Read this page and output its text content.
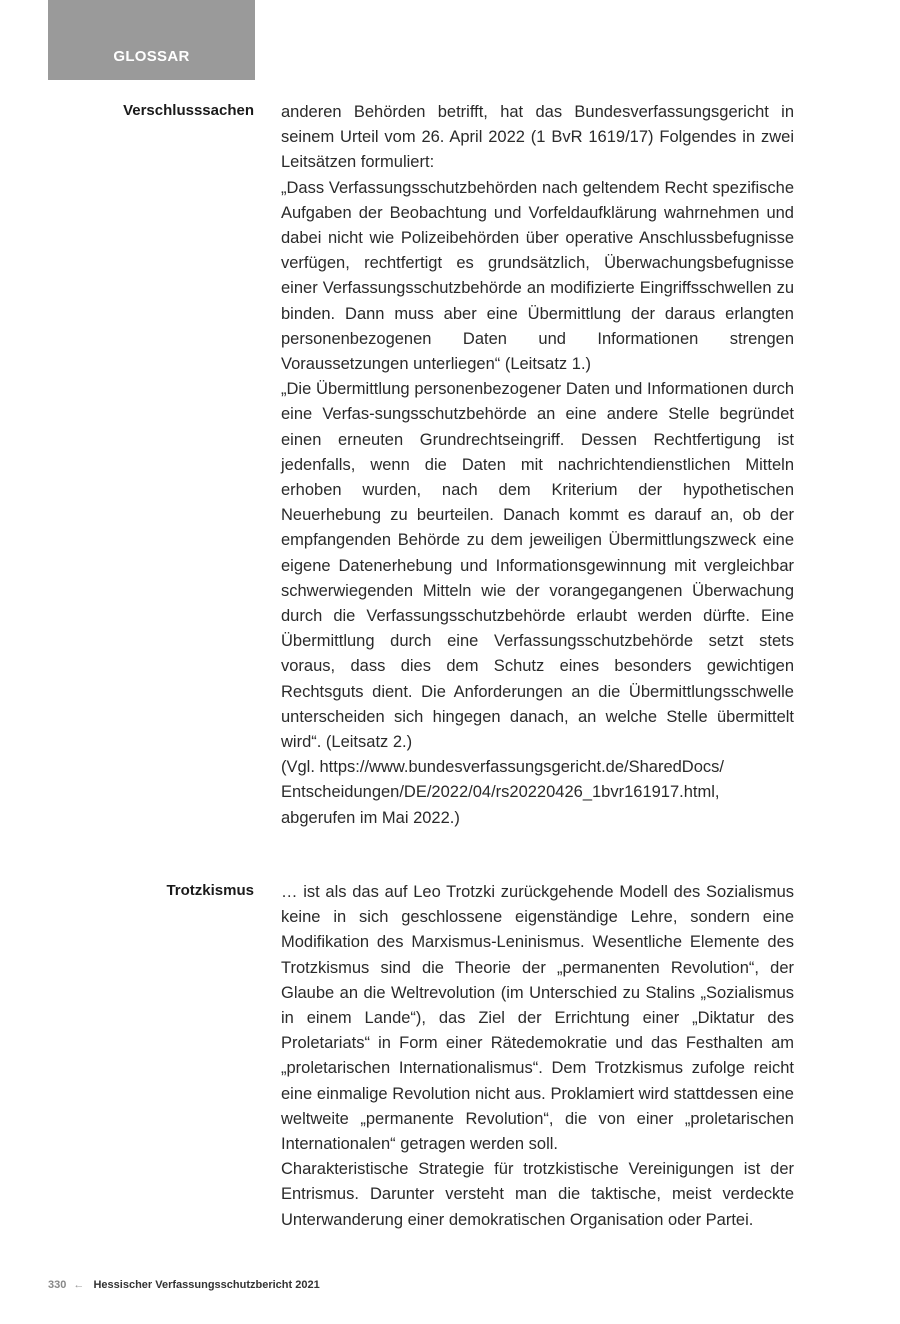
GLOSSAR
Verschlusssachen anderen Behörden betrifft, hat das Bundesverfassungsgericht in seinem Urteil vom 26. April 2022 (1 BvR 1619/17) Folgendes in zwei Leitsätzen formuliert:

„Dass Verfassungsschutzbehörden nach geltendem Recht spezifische Aufgaben der Beobachtung und Vorfeldaufklärung wahrnehmen und dabei nicht wie Polizeibehörden über operative Anschlussbefugnisse verfügen, rechtfertigt es grundsätzlich, Überwachungsbefugnisse einer Verfassungsschutzbehörde an modifizierte Eingriffsschwellen zu binden. Dann muss aber eine Übermittlung der daraus erlangten personenbezogenen Daten und Informationen strengen Voraussetzungen unterliegen“ (Leitsatz 1.)

„Die Übermittlung personenbezogener Daten und Informationen durch eine Verfas-sungsschutzbehörde an eine andere Stelle begründet einen erneuten Grundrechtseingriff. Dessen Rechtfertigung ist jedenfalls, wenn die Daten mit nachrichtendienstlichen Mitteln erhoben wurden, nach dem Kriterium der hypothetischen Neuerhebung zu beurteilen. Danach kommt es darauf an, ob der empfangenden Behörde zu dem jeweiligen Übermittlungszweck eine eigene Datenerhebung und Informationsgewinnung mit vergleichbar schwerwiegenden Mitteln wie der vorangegangenen Überwachung durch die Verfassungsschutzbehörde erlaubt werden dürfte. Eine Übermittlung durch eine Verfassungsschutzbehörde setzt stets voraus, dass dies dem Schutz eines besonders gewichtigen Rechtsguts dient. Die Anforderungen an die Übermittlungsschwelle unterscheiden sich hingegen danach, an welche Stelle übermittelt wird“. (Leitsatz 2.)

(Vgl. https://www.bundesverfassungsgericht.de/SharedDocs/ Entscheidungen/DE/2022/04/rs20220426_1bvr161917.html, abgerufen im Mai 2022.)

Trotzkismus … ist als das auf Leo Trotzki zurückgehende Modell des Sozialismus keine in sich geschlossene eigenständige Lehre, sondern eine Modifikation des Marxismus-Leninismus. Wesentliche Elemente des Trotzkismus sind die Theorie der „permanenten Revolution“, der Glaube an die Weltrevolution (im Unterschied zu Stalins „Sozialismus in einem Lande“), das Ziel der Errichtung einer „Diktatur des Proletariats“ in Form einer Rätedemokratie und das Festhalten am „proletarischen Internationalismus“. Dem Trotzkismus zufolge reicht eine einmalige Revolution nicht aus. Proklamiert wird stattdessen eine weltweite „permanente Revolution“, die von einer „proletarischen Internationalen“ getragen werden soll.

Charakteristische Strategie für trotzkistische Vereinigungen ist der Entrismus. Darunter versteht man die taktische, meist verdeckte Unterwanderung einer demokratischen Organisation oder Partei.

330 ← Hessischer Verfassungsschutzbericht 2021
